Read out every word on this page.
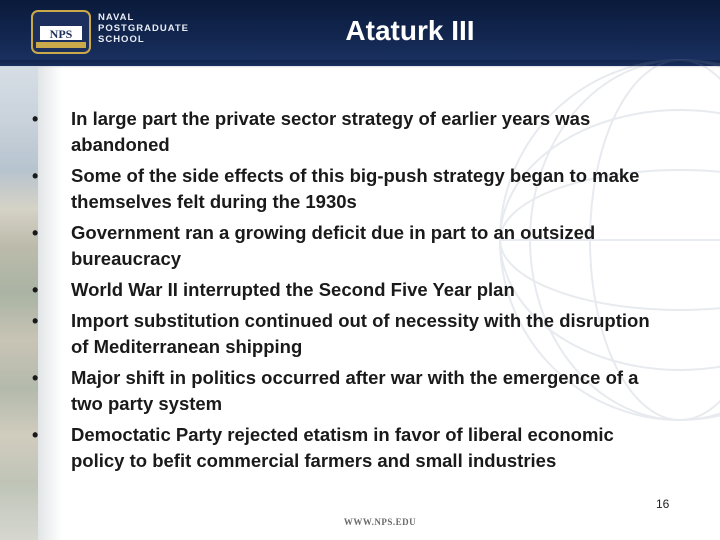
NPS
NAVAL
POSTGRADUATE
SCHOOL	Ataturk III
• In large part the private sector strategy of earlier years was abandoned
• Some of the side effects of this big-push strategy began to make themselves felt during the 1930s
• Government ran a growing deficit due in part to an outsized bureaucracy
• World War II interrupted the Second Five Year plan
• Import substitution continued out of necessity with the disruption of Mediterranean shipping
• Major shift in politics occurred after war with the emergence of a two party system
• Democtatic Party rejected etatism in favor of liberal economic policy to befit commercial farmers and small industries
16
WWW.NPS.EDU
